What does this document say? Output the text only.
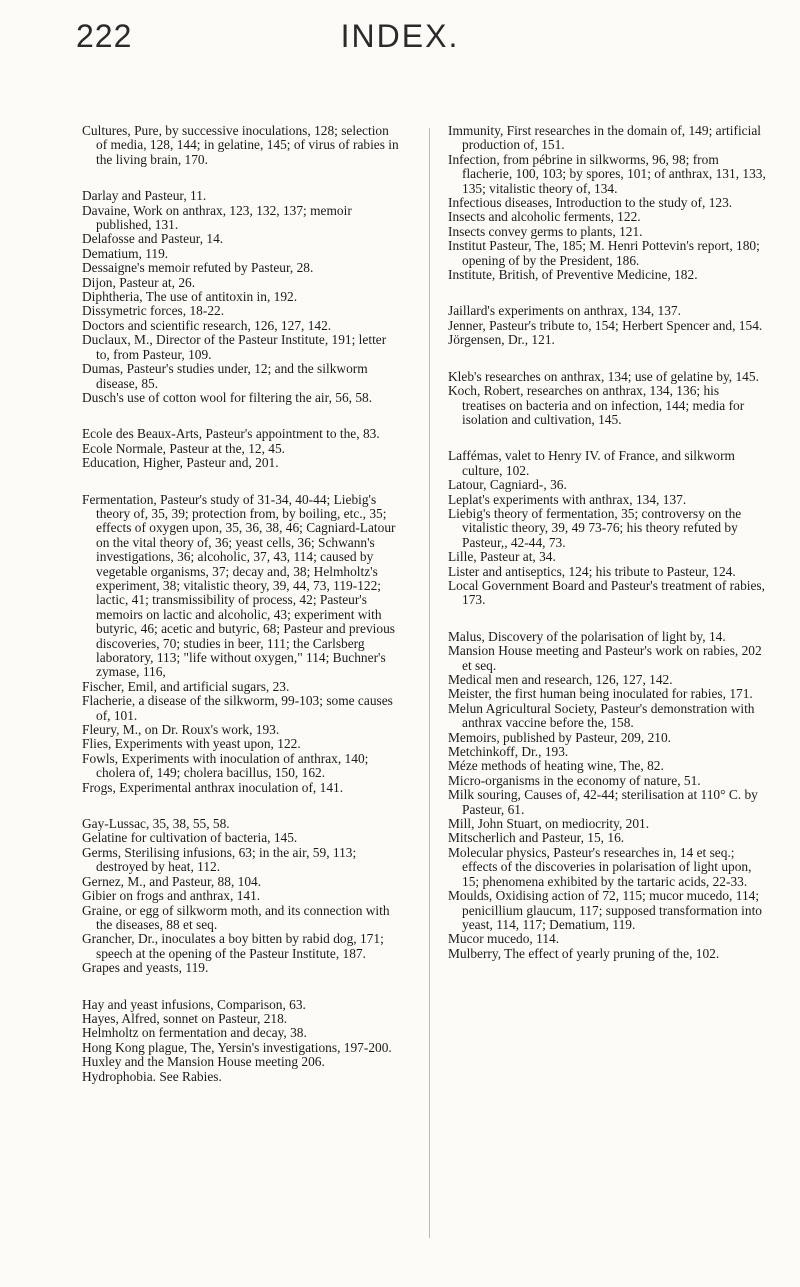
INDEX.
222

Cultures, Pure, by successive inoculations, 128; selection of media, 128, 144; in gelatine, 145; of virus of rabies in the living brain, 170.

Darlay and Pasteur, 11.

Davaine, Work on anthrax, 123, 132, 137; memoir published, 131.

Delafosse and Pasteur, 14.

Dematium, 119.

Dessaigne's memoir refuted by Pasteur, 28.

Dijon, Pasteur at, 26.

Diphtheria, The use of antitoxin in, 192.

Dissymetric forces, 18-22.

Doctors and scientific research, 126, 127, 142.

Duclaux, M., Director of the Pasteur Institute, 191; letter to, from Pasteur, 109.

Dumas, Pasteur's studies under, 12; and the silkworm disease, 85.

Dusch's use of cotton wool for filtering the air, 56, 58.

Ecole des Beaux-Arts, Pasteur's appointment to the, 83.

Ecole Normale, Pasteur at the, 12, 45.

Education, Higher, Pasteur and, 201.

Fermentation, Pasteur's study of 31-34, 40-44; Liebig's theory of, 35, 39; protection from, by boiling, etc., 35; effects of oxygen upon, 35, 36, 38, 46; Cagniard-Latour on the vital theory of, 36; yeast cells, 36; Schwann's investigations, 36; alcoholic, 37, 43, 114; caused by vegetable organisms, 37; decay and, 38; Helmholtz's experiment, 38; vitalistic theory, 39, 44, 73, 119-122; lactic, 41; transmissibility of process, 42; Pasteur's memoirs on lactic and alcoholic, 43; experiment with butyric, 46; acetic and butyric, 68; Pasteur and previous discoveries, 70; studies in beer, 111; the Carlsberg laboratory, 113; "life without oxygen," 114; Buchner's zymase, 116,

Fischer, Emil, and artificial sugars, 23.

Flacherie, a disease of the silkworm, 99-103; some causes of, 101.

Fleury, M., on Dr. Roux's work, 193.

Flies, Experiments with yeast upon, 122.

Fowls, Experiments with inoculation of anthrax, 140; cholera of, 149; cholera bacillus, 150, 162.

Frogs, Experimental anthrax inoculation of, 141.

Gay-Lussac, 35, 38, 55, 58.

Gelatine for cultivation of bacteria, 145.

Germs, Sterilising infusions, 63; in the air, 59, 113; destroyed by heat, 112.

Gernez, M., and Pasteur, 88, 104.

Gibier on frogs and anthrax, 141.

Graine, or egg of silkworm moth, and its connection with the diseases, 88 et seq.

Grancher, Dr., inoculates a boy bitten by rabid dog, 171; speech at the opening of the Pasteur Institute, 187.

Grapes and yeasts, 119.

Hay and yeast infusions, Comparison, 63.

Hayes, Alfred, sonnet on Pasteur, 218.

Helmholtz on fermentation and decay, 38.

Hong Kong plague, The, Yersin's investigations, 197-200.

Huxley and the Mansion House meeting 206.

Hydrophobia. See Rabies.

Immunity, First researches in the domain of, 149; artificial production of, 151.

Infection, from pébrine in silkworms, 96, 98; from flacherie, 100, 103; by spores, 101; of anthrax, 131, 133, 135; vitalistic theory of, 134.

Infectious diseases, Introduction to the study of, 123.

Insects and alcoholic ferments, 122.

Insects convey germs to plants, 121.

Institut Pasteur, The, 185; M. Henri Pottevin's report, 180; opening of by the President, 186.

Institute, British, of Preventive Medicine, 182.

Jaillard's experiments on anthrax, 134, 137.

Jenner, Pasteur's tribute to, 154; Herbert Spencer and, 154.

Jörgensen, Dr., 121.

Kleb's researches on anthrax, 134; use of gelatine by, 145.

Koch, Robert, researches on anthrax, 134, 136; his treatises on bacteria and on infection, 144; media for isolation and cultivation, 145.

Laffémas, valet to Henry IV. of France, and silkworm culture, 102.

Latour, Cagniard-, 36.

Leplat's experiments with anthrax, 134, 137.

Liebig's theory of fermentation, 35; controversy on the vitalistic theory, 39, 49 73-76; his theory refuted by Pasteur,, 42-44, 73.

Lille, Pasteur at, 34.

Lister and antiseptics, 124; his tribute to Pasteur, 124.

Local Government Board and Pasteur's treatment of rabies, 173.

Malus, Discovery of the polarisation of light by, 14.

Mansion House meeting and Pasteur's work on rabies, 202 et seq.

Medical men and research, 126, 127, 142.

Meister, the first human being inoculated for rabies, 171.

Melun Agricultural Society, Pasteur's demonstration with anthrax vaccine before the, 158.

Memoirs, published by Pasteur, 209, 210.

Metchinkoff, Dr., 193.

Méze methods of heating wine, The, 82.

Micro-organisms in the economy of nature, 51.

Milk souring, Causes of, 42-44; sterilisation at 110° C. by Pasteur, 61.

Mill, John Stuart, on mediocrity, 201.

Mitscherlich and Pasteur, 15, 16.

Molecular physics, Pasteur's researches in, 14 et seq.; effects of the discoveries in polarisation of light upon, 15; phenomena exhibited by the tartaric acids, 22-33.

Moulds, Oxidising action of 72, 115; mucor mucedo, 114; penicillium glaucum, 117; supposed transformation into yeast, 114, 117; Dematium, 119.

Mucor mucedo, 114.

Mulberry, The effect of yearly pruning of the, 102.
